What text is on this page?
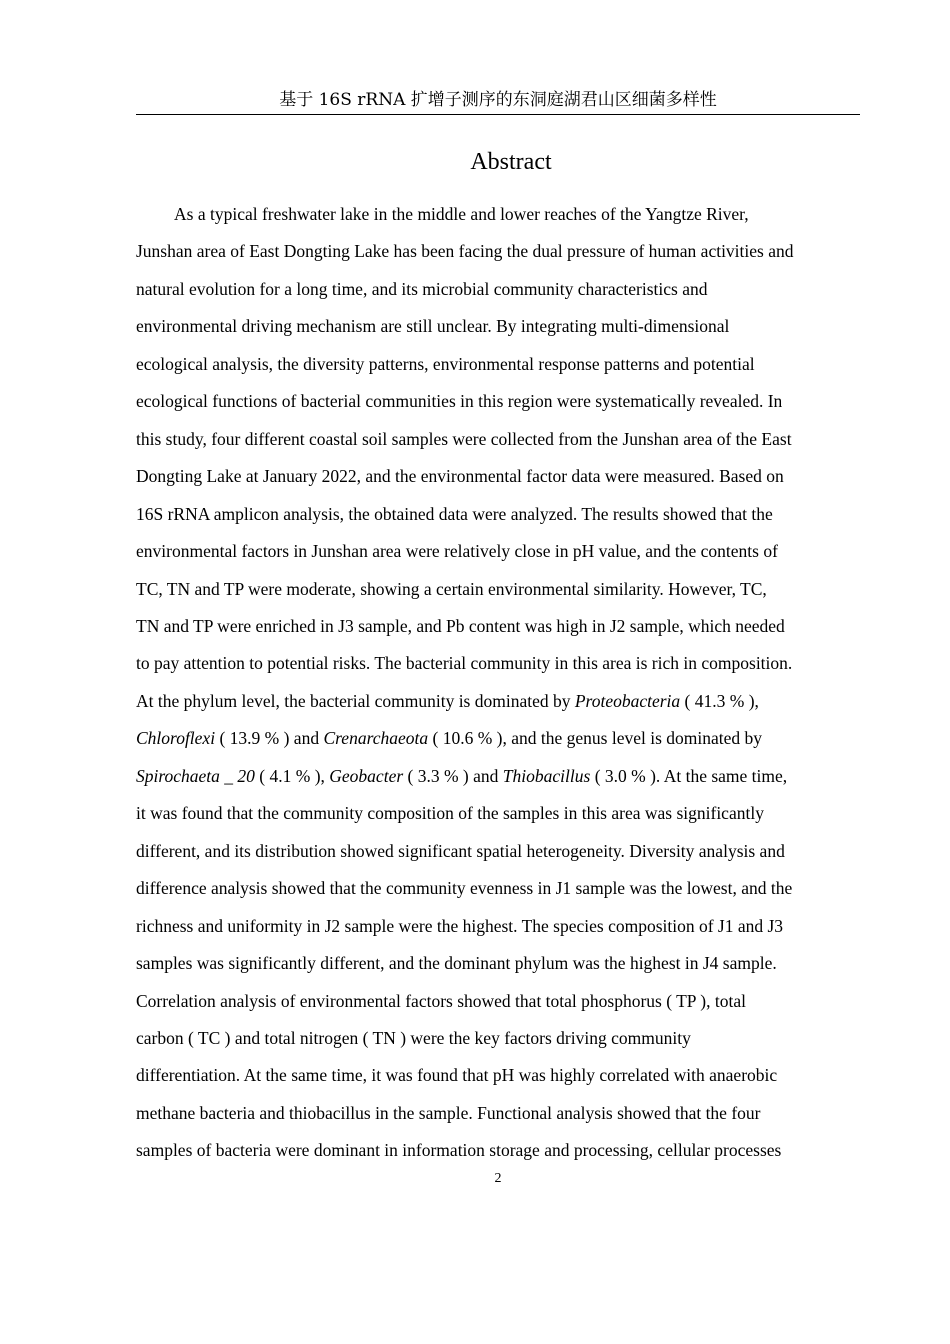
基于 16S rRNA 扩增子测序的东洞庭湖君山区细菌多样性
Abstract

As a typical freshwater lake in the middle and lower reaches of the Yangtze River,
Junshan area of East Dongting Lake has been facing the dual pressure of human activities and
natural evolution for a long time, and its microbial community characteristics and
environmental driving mechanism are still unclear. By integrating multi-dimensional
ecological analysis, the diversity patterns, environmental response patterns and potential
ecological functions of bacterial communities in this region were systematically revealed. In
this study, four different coastal soil samples were collected from the Junshan area of the East
Dongting Lake at January 2022, and the environmental factor data were measured. Based on
16S rRNA amplicon analysis, the obtained data were analyzed. The results showed that the
environmental factors in Junshan area were relatively close in pH value, and the contents of
TC, TN and TP were moderate, showing a certain environmental similarity. However, TC,
TN and TP were enriched in J3 sample, and Pb content was high in J2 sample, which needed
to pay attention to potential risks. The bacterial community in this area is rich in composition.
At the phylum level, the bacterial community is dominated by Proteobacteria ( 41.3 % ),
Chloroflexi ( 13.9 % ) and Crenarchaeota ( 10.6 % ), and the genus level is dominated by
Spirochaeta _ 20 ( 4.1 % ), Geobacter ( 3.3 % ) and Thiobacillus ( 3.0 % ). At the same time,
it was found that the community composition of the samples in this area was significantly
different, and its distribution showed significant spatial heterogeneity. Diversity analysis and
difference analysis showed that the community evenness in J1 sample was the lowest, and the
richness and uniformity in J2 sample were the highest. The species composition of J1 and J3
samples was significantly different, and the dominant phylum was the highest in J4 sample.
Correlation analysis of environmental factors showed that total phosphorus ( TP ), total
carbon ( TC ) and total nitrogen ( TN ) were the key factors driving community
differentiation. At the same time, it was found that pH was highly correlated with anaerobic
methane bacteria and thiobacillus in the sample. Functional analysis showed that the four
samples of bacteria were dominant in information storage and processing, cellular processes

2
